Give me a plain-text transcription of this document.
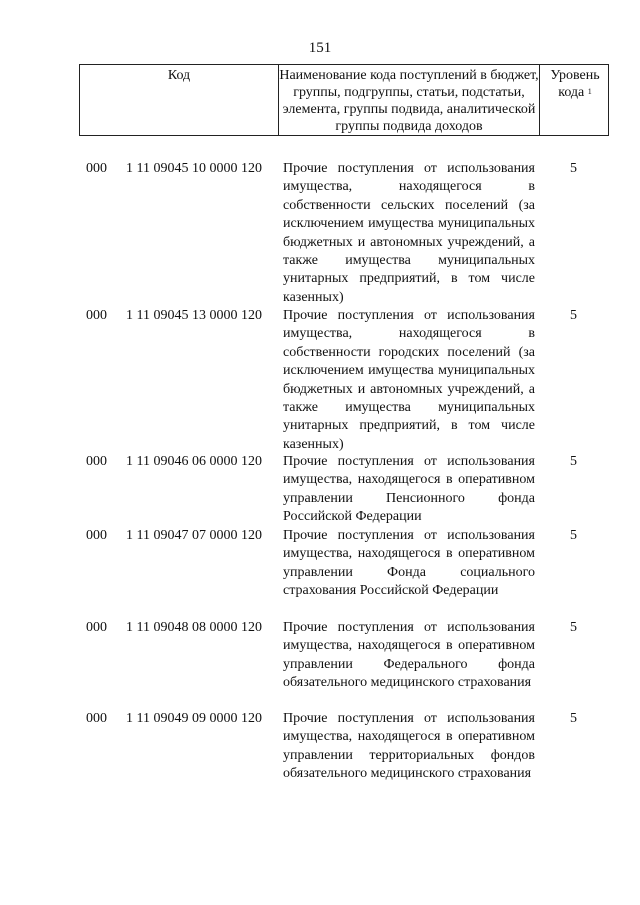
151
Код	Наименование кода поступлений в бюджет, группы, подгруппы, статьи, подстатьи, элемента, группы подвида, аналитической группы подвида доходов
Уровень кода $^1$
000 1 11 09045 10 0000 120 Прочие поступления от использования имущества, находящегося в собственности сельских поселений (за исключением имущества муниципальных бюджетных и автономных учреждений, а также имущества муниципальных унитарных предприятий, в том числе казенных)
5
000 1 11 09045 13 0000 120 Прочие поступления от использования имущества, находящегося в собственности городских поселений (за исключением имущества муниципальных бюджетных и автономных учреждений, а также имущества муниципальных унитарных предприятий, в том числе казенных)
5
000 1 11 09046 06 0000 120 Прочие поступления от использования имущества, находящегося в оперативном управлении Пенсионного фонда Российской Федерации
5
000 1 11 09047 07 0000 120 Прочие поступления от использования имущества, находящегося в оперативном управлении Фонда социального страхования Российской Федерации
5
000 1 11 09048 08 0000 120 Прочие поступления от использования имущества, находящегося в оперативном управлении Федерального фонда обязательного медицинского страхования
5
000 1 11 09049 09 0000 120 Прочие поступления от использования имущества, находящегося в оперативном управлении территориальных фондов обязательного медицинского страхования
5
